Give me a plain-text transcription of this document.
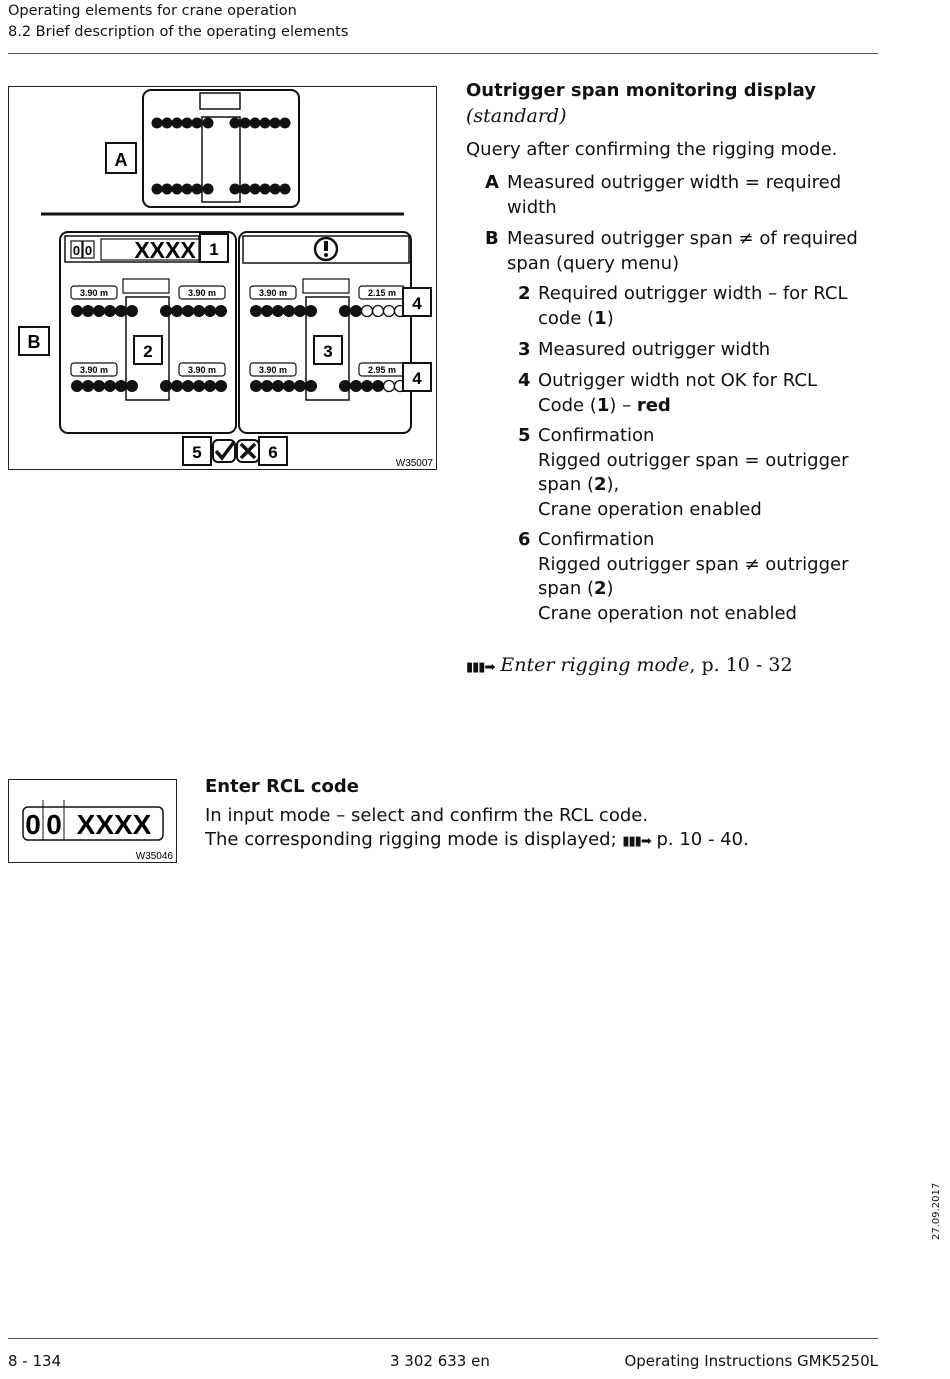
Operating elements for crane operation
8.2 Brief description of the operating elements
A
0 0 XXXX 1
3.90 m	3.90 m
3.90 m	3.90 m
2
B
3.90 m	2.15 m
3.90 m	2.95 m
3
4
4
5	6
W35007
Outrigger span monitoring display
(standard)
Query after confirming the rigging mode.
A Measured outrigger width = required
width
B Measured outrigger span ≠ of required
span (query menu)
2 Required outrigger width – for RCL
code (1)
3 Measured outrigger width
4 Outrigger width not OK for RCL
Code (1) – red
5 Confirmation
Rigged outrigger span = outrigger
span (2),
Crane operation enabled
6 Confirmation
Rigged outrigger span ≠ outrigger
span (2)
Crane operation not enabled
▮▮▮➡ Enter rigging mode, p. 10 - 32
0 0 XXXX
W35046
Enter RCL code
In input mode – select and confirm the RCL code.
The corresponding rigging mode is displayed; ▮▮▮➡ p. 10 - 40.
27.09.2017
8 - 134	3 302 633 en	Operating Instructions GMK5250L
